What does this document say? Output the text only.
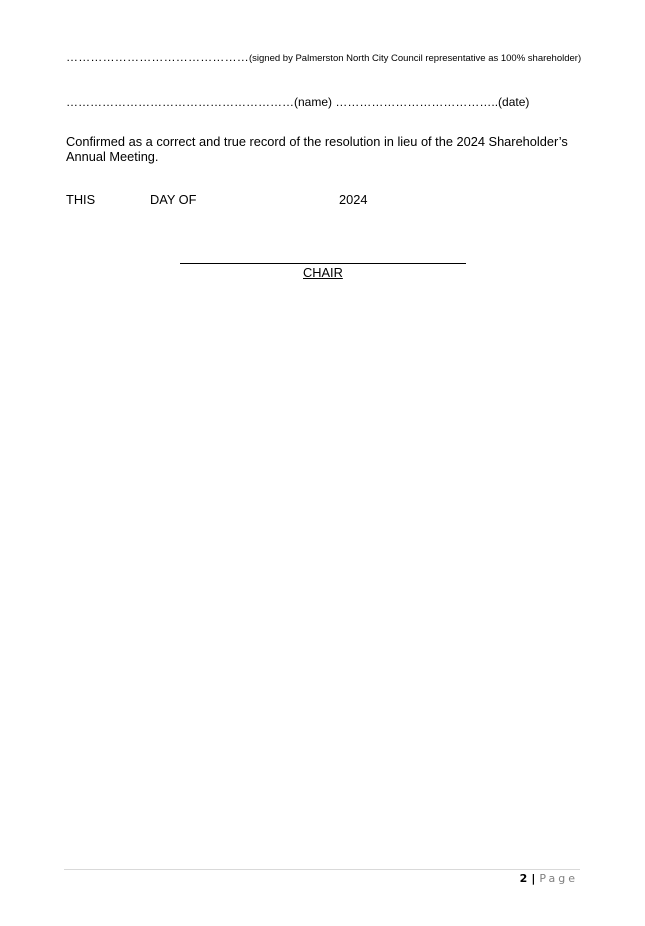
………………………………………(signed by Palmerston North City Council representative as 100% shareholder)
…………………………………………………(name) …………………………………..(date)
Confirmed as a correct and true record of the resolution in lieu of the 2024 Shareholder’s Annual Meeting.
THIS	DAY OF	2024
CHAIR
2 | Page
